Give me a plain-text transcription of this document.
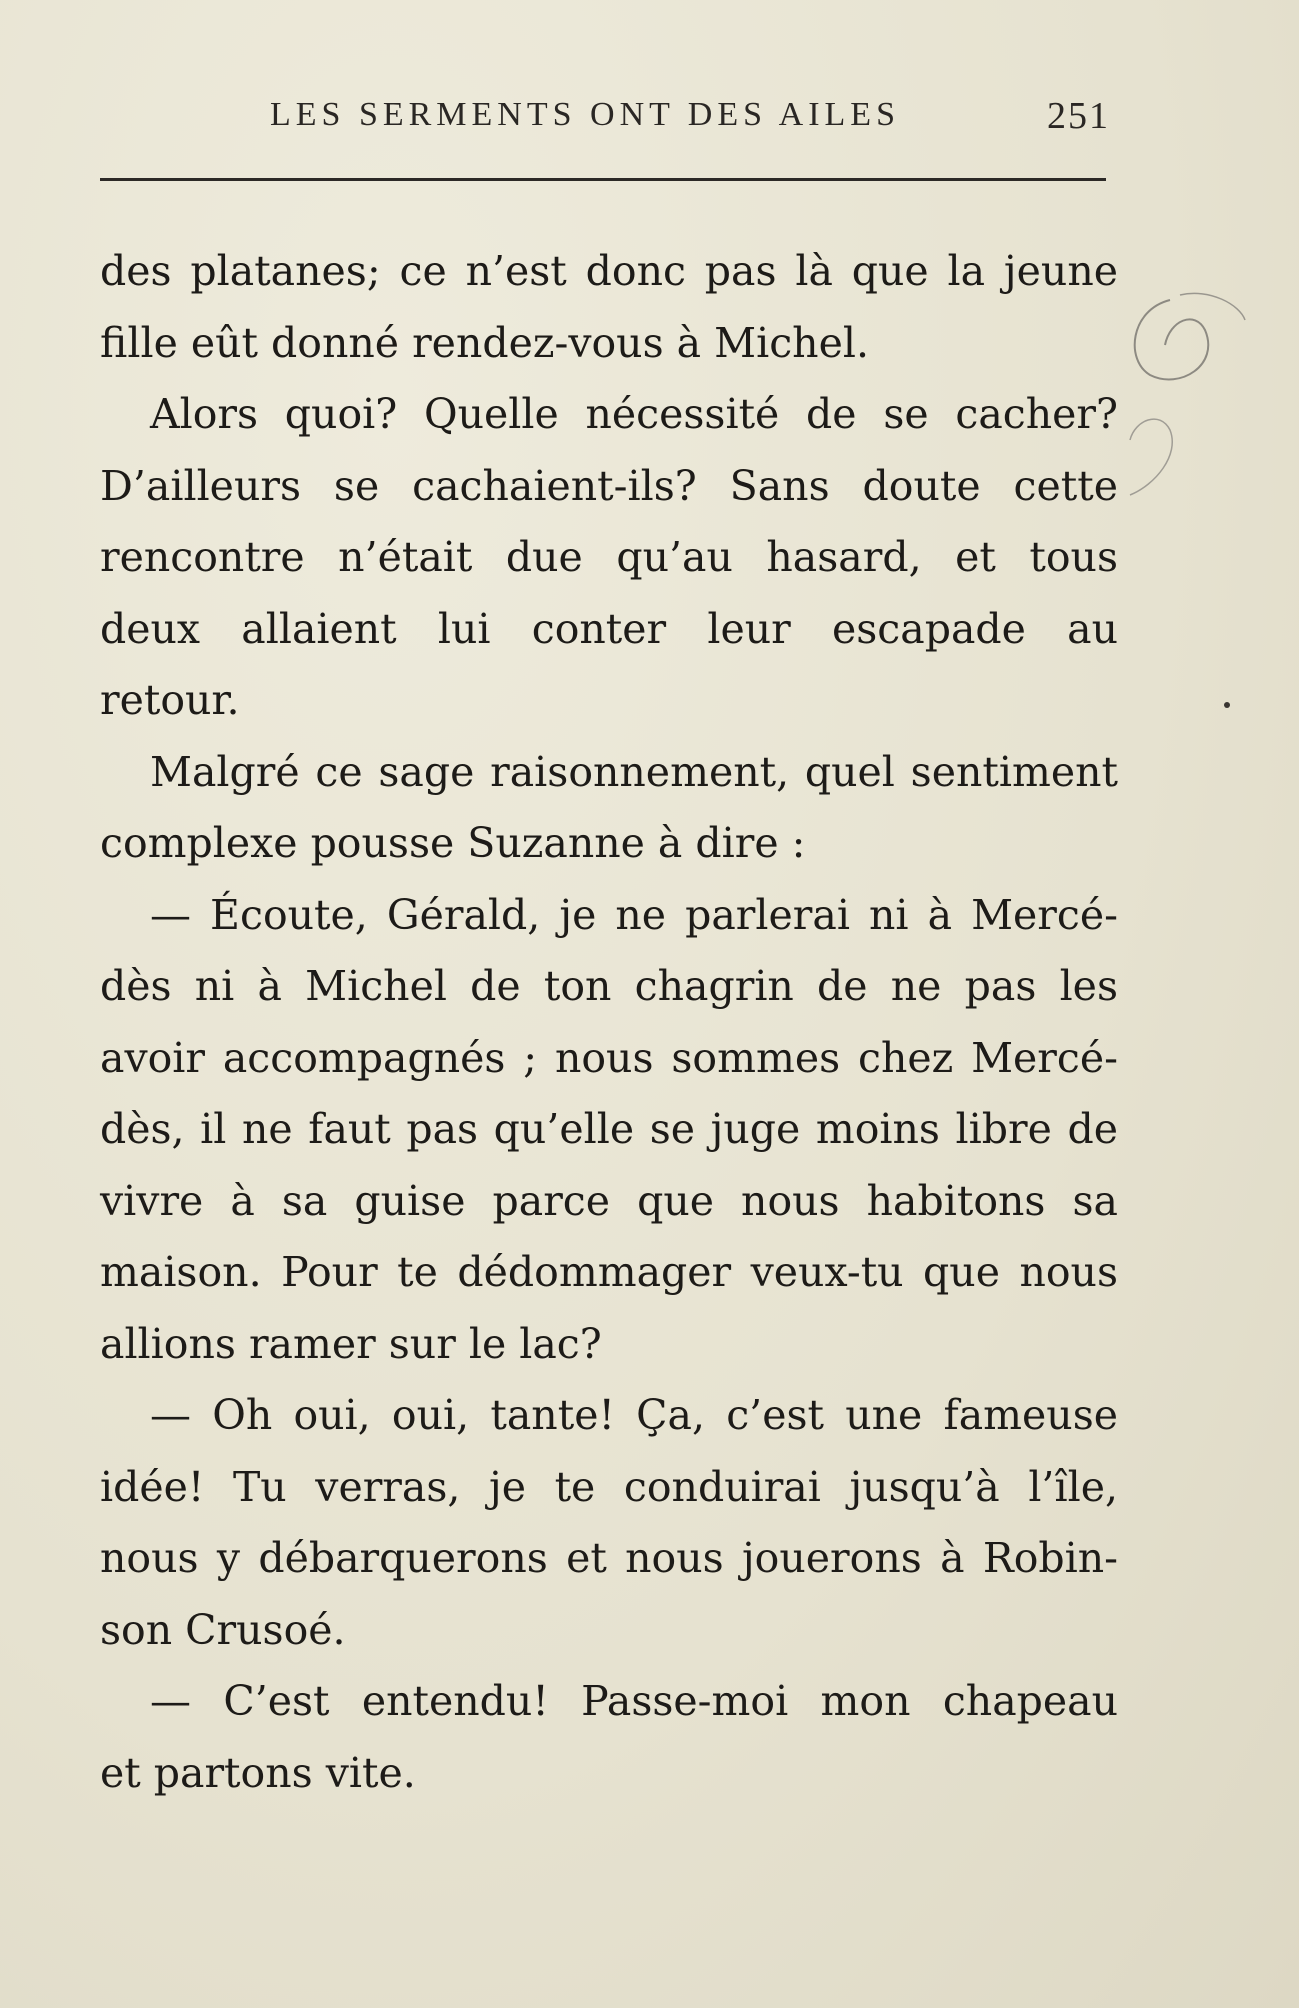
LES SERMENTS ONT DES AILES	251
des platanes; ce n’est donc pas là que la jeune
fille eût donné rendez-vous à Michel.
Alors quoi? Quelle nécessité de se cacher?
D’ailleurs se cachaient-ils? Sans doute cette
rencontre n’était due qu’au hasard, et tous
deux allaient lui conter leur escapade au
retour.
Malgré ce sage raisonnement, quel sentiment
complexe pousse Suzanne à dire :
— Écoute, Gérald, je ne parlerai ni à Mercé-
dès ni à Michel de ton chagrin de ne pas les
avoir accompagnés ; nous sommes chez Mercé-
dès, il ne faut pas qu’elle se juge moins libre de
vivre à sa guise parce que nous habitons sa
maison. Pour te dédommager veux-tu que nous
allions ramer sur le lac?
— Oh oui, oui, tante! Ça, c’est une fameuse
idée! Tu verras, je te conduirai jusqu’à l’île,
nous y débarquerons et nous jouerons à Robin-
son Crusoé.
— C’est entendu! Passe-moi mon chapeau
et partons vite.
